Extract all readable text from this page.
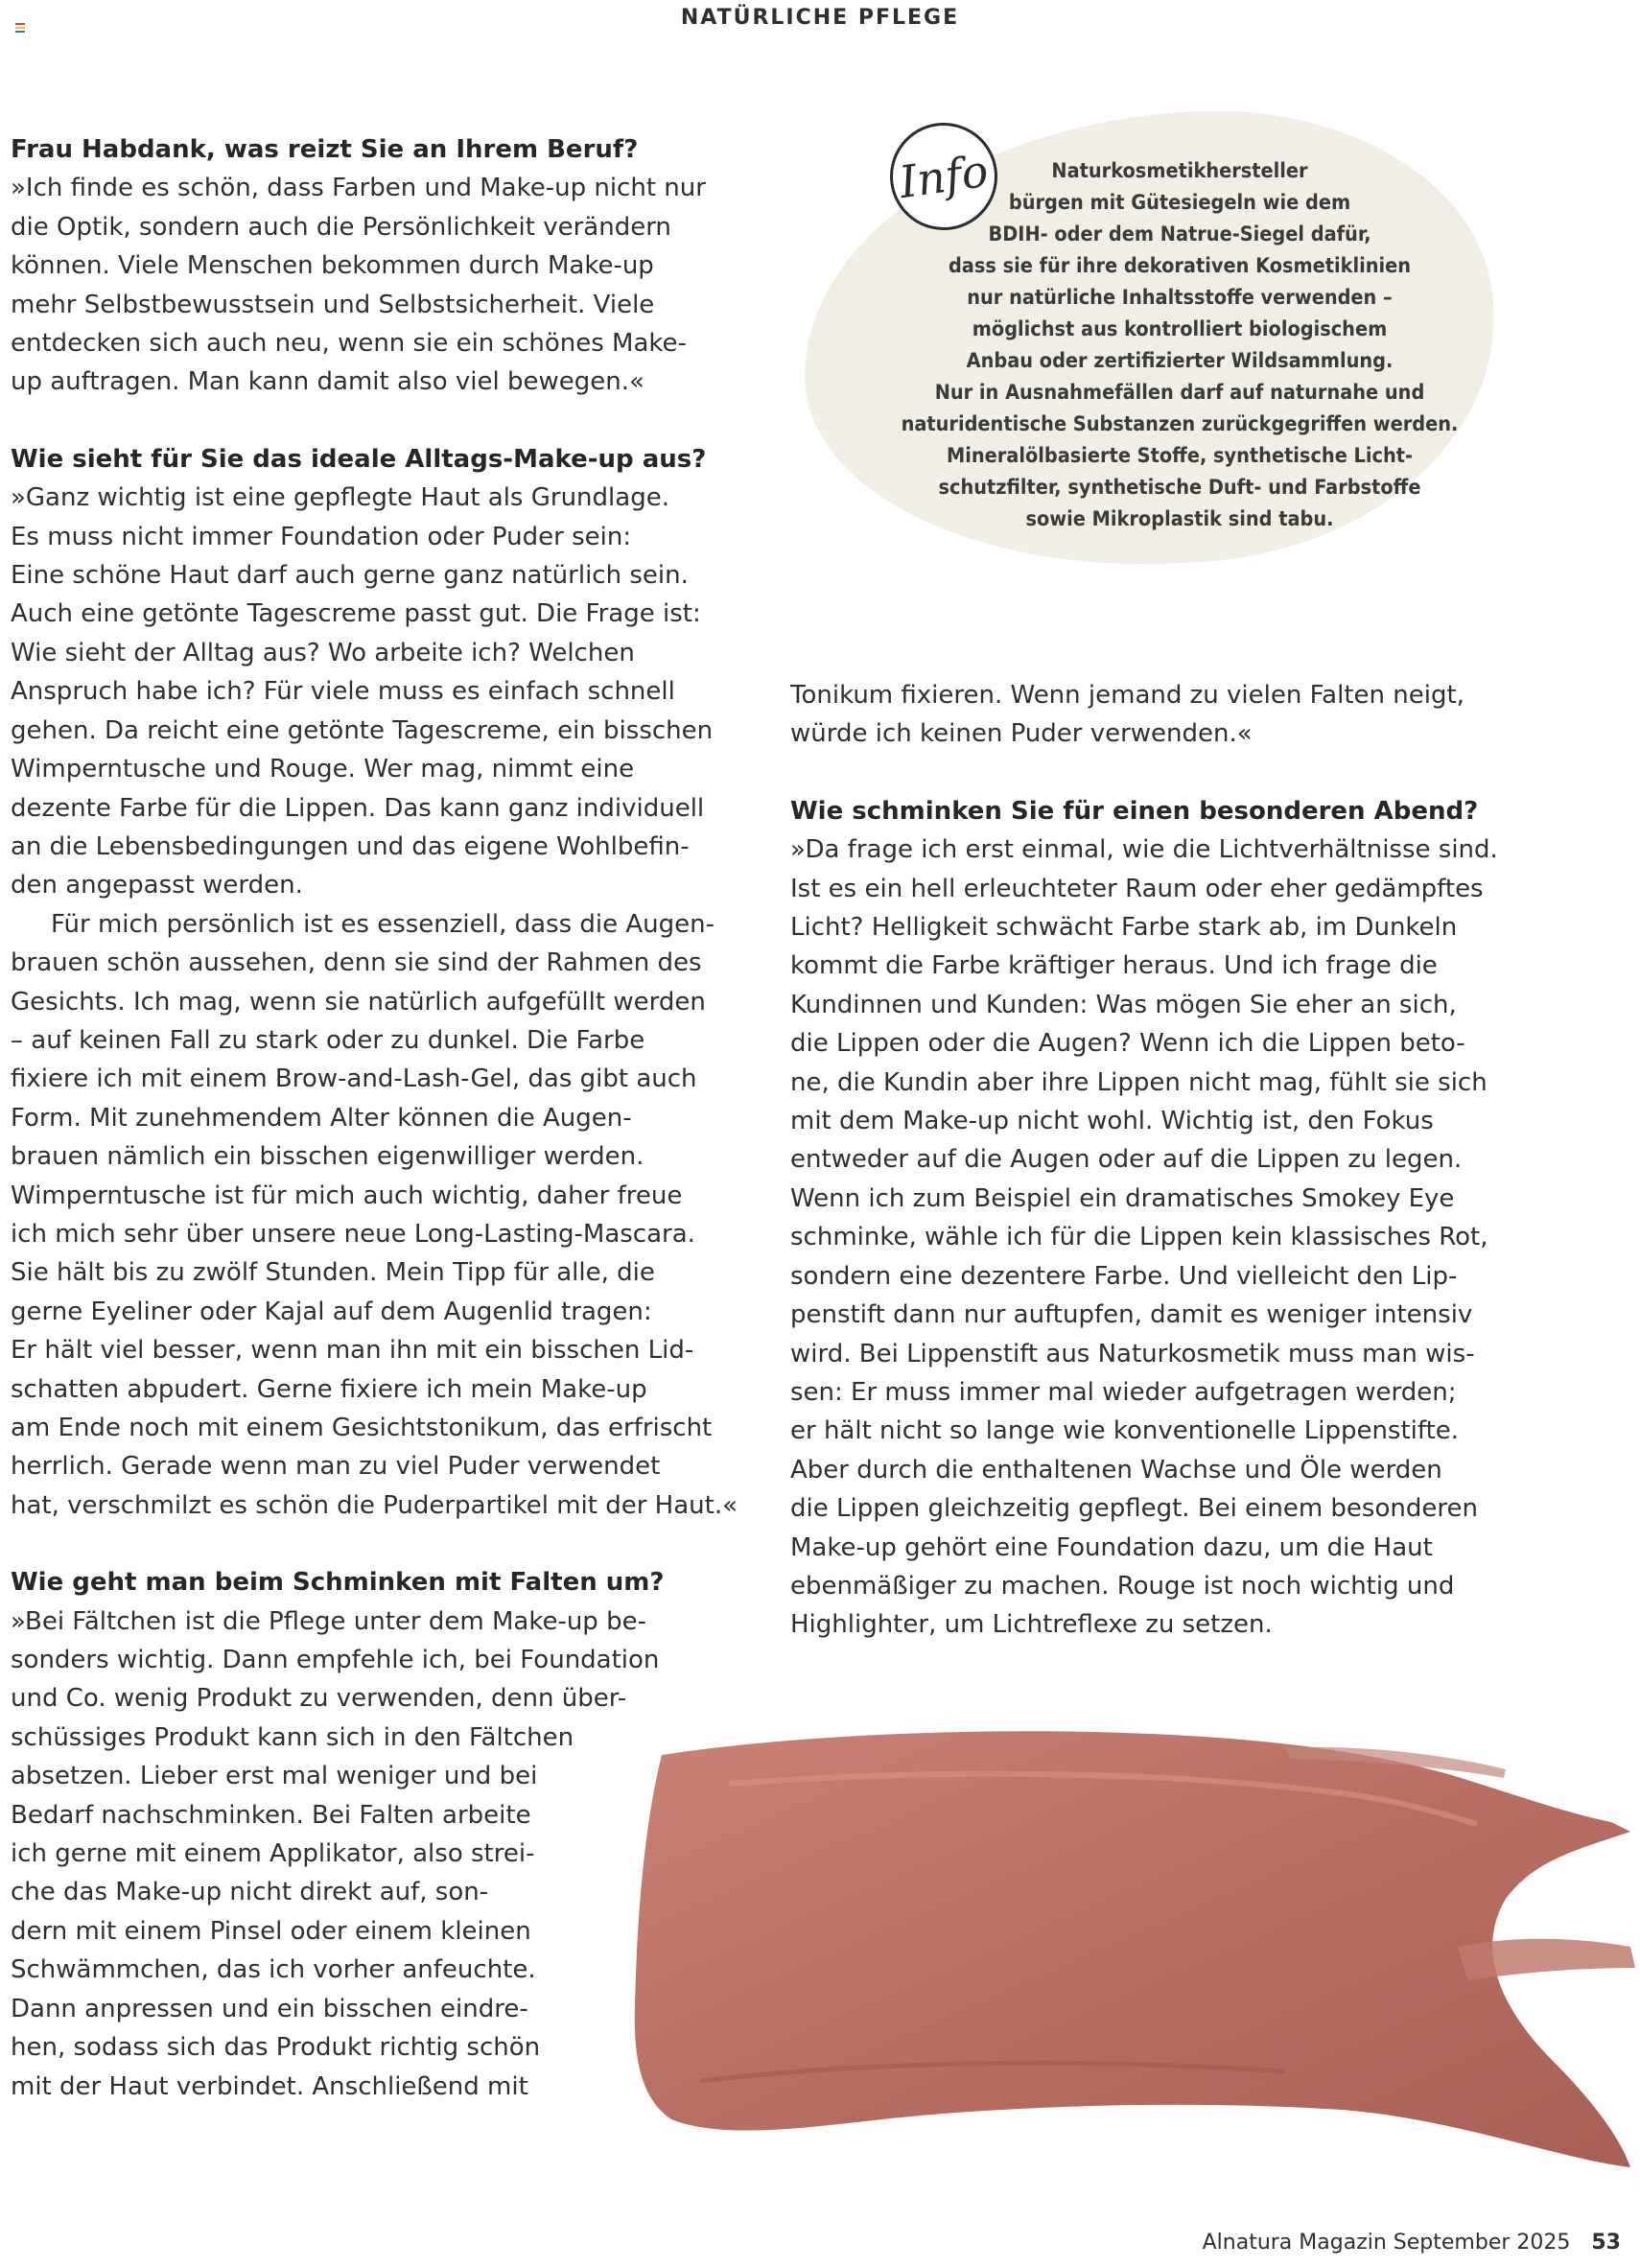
NATÜRLICHE PFLEGE
Info	Naturkosmetikhersteller
bürgen mit Gütesiegeln wie dem
BDIH- oder dem Natrue-Siegel dafür,
dass sie für ihre dekorativen Kosmetiklinien
nur natürliche Inhaltsstoffe verwenden –
möglichst aus kontrolliert biologischem
Anbau oder zertifizierter Wildsammlung.
Nur in Ausnahmefällen darf auf naturnahe und
naturidentische Substanzen zurückgegriffen werden.
Mineralölbasierte Stoffe, synthetische Licht-
schutzfilter, synthetische Duft- und Farbstoffe
sowie Mikroplastik sind tabu.
Frau Habdank, was reizt Sie an Ihrem Beruf?
»Ich finde es schön, dass Farben und Make-up nicht nur
die Optik, sondern auch die Persönlichkeit verändern
können. Viele Menschen bekommen durch Make-up
mehr Selbstbewusstsein und Selbstsicherheit. Viele
entdecken sich auch neu, wenn sie ein schönes Make-
up auftragen. Man kann damit also viel bewegen.«
Wie sieht für Sie das ideale Alltags-Make-up aus?
»Ganz wichtig ist eine gepflegte Haut als Grundlage.
Es muss nicht immer Foundation oder Puder sein:
Eine schöne Haut darf auch gerne ganz natürlich sein.
Auch eine getönte Tagescreme passt gut. Die Frage ist:
Wie sieht der Alltag aus? Wo arbeite ich? Welchen
Anspruch habe ich? Für viele muss es einfach schnell
gehen. Da reicht eine getönte Tagescreme, ein bisschen
Wimperntusche und Rouge. Wer mag, nimmt eine
dezente Farbe für die Lippen. Das kann ganz individuell
an die Lebensbedingungen und das eigene Wohlbefin-
den angepasst werden.
Für mich persönlich ist es essenziell, dass die Augen-
brauen schön aussehen, denn sie sind der Rahmen des
Gesichts. Ich mag, wenn sie natürlich aufgefüllt werden
– auf keinen Fall zu stark oder zu dunkel. Die Farbe
fixiere ich mit einem Brow-and-Lash-Gel, das gibt auch
Form. Mit zunehmendem Alter können die Augen-
brauen nämlich ein bisschen eigenwilliger werden.
Wimperntusche ist für mich auch wichtig, daher freue
ich mich sehr über unsere neue Long-Lasting-Mascara.
Sie hält bis zu zwölf Stunden. Mein Tipp für alle, die
gerne Eyeliner oder Kajal auf dem Augenlid tragen:
Er hält viel besser, wenn man ihn mit ein bisschen Lid-
schatten abpudert. Gerne fixiere ich mein Make-up
am Ende noch mit einem Gesichtstonikum, das erfrischt
herrlich. Gerade wenn man zu viel Puder verwendet
hat, verschmilzt es schön die Puderpartikel mit der Haut.«
Wie geht man beim Schminken mit Falten um?
»Bei Fältchen ist die Pflege unter dem Make-up be-
sonders wichtig. Dann empfehle ich, bei Foundation
und Co. wenig Produkt zu verwenden, denn über-
schüssiges Produkt kann sich in den Fältchen
absetzen. Lieber erst mal weniger und bei
Bedarf nachschminken. Bei Falten arbeite
ich gerne mit einem Applikator, also strei-
che das Make-up nicht direkt auf, son-
dern mit einem Pinsel oder einem kleinen
Schwämmchen, das ich vorher anfeuchte.
Dann anpressen und ein bisschen eindre-
hen, sodass sich das Produkt richtig schön
mit der Haut verbindet. Anschließend mit
Tonikum fixieren. Wenn jemand zu vielen Falten neigt,
würde ich keinen Puder verwenden.«
Wie schminken Sie für einen besonderen Abend?
»Da frage ich erst einmal, wie die Lichtverhältnisse sind.
Ist es ein hell erleuchteter Raum oder eher gedämpftes
Licht? Helligkeit schwächt Farbe stark ab, im Dunkeln
kommt die Farbe kräftiger heraus. Und ich frage die
Kundinnen und Kunden: Was mögen Sie eher an sich,
die Lippen oder die Augen? Wenn ich die Lippen beto-
ne, die Kundin aber ihre Lippen nicht mag, fühlt sie sich
mit dem Make-up nicht wohl. Wichtig ist, den Fokus
entweder auf die Augen oder auf die Lippen zu legen.
Wenn ich zum Beispiel ein dramatisches Smokey Eye
schminke, wähle ich für die Lippen kein klassisches Rot,
sondern eine dezentere Farbe. Und vielleicht den Lip-
penstift dann nur auftupfen, damit es weniger intensiv
wird. Bei Lippenstift aus Naturkosmetik muss man wis-
sen: Er muss immer mal wieder aufgetragen werden;
er hält nicht so lange wie konventionelle Lippenstifte.
Aber durch die enthaltenen Wachse und Öle werden
die Lippen gleichzeitig gepflegt. Bei einem besonderen
Make-up gehört eine Foundation dazu, um die Haut
ebenmäßiger zu machen. Rouge ist noch wichtig und
Highlighter, um Lichtreflexe zu setzen.
Alnatura Magazin September 2025 53
